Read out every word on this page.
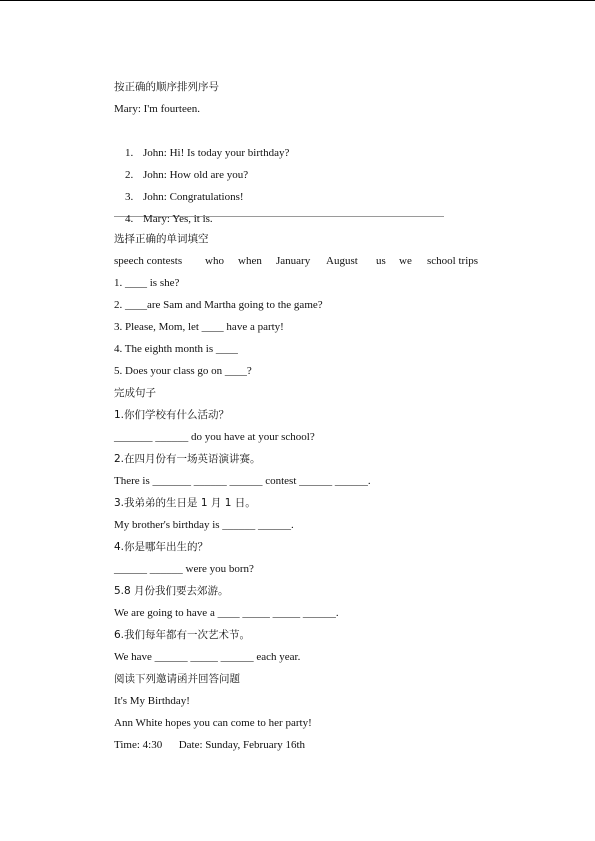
按正确的顺序排列序号
Mary: I'm fourteen.

1. John: Hi! Is today your birthday?

2. John: How old are you?

3. John: Congratulations!

4. Mary: Yes, it is.

选择正确的单词填空
speech contests	who	when	January	August	us	we	school trips
1. ____ is she?
2. ____are Sam and Martha going to the game?
3. Please, Mom, let ____ have a party!
4. The eighth month is ____
5. Does your class go on ____?
完成句子
1.你们学校有什么活动？
_______ ______ do you have at your school?
2.在四月份有一场英语演讲赛。
There is _______ ______ ______ contest ______ ______.
3.我弟弟的生日是 1 月 1 日。
My brother's birthday is ______ ______.
4.你是哪年出生的？
______ ______ were you born?
5.8 月份我们要去郊游。
We are going to have a ____ _____ _____ ______.
6.我们每年都有一次艺术节。
We have ______ _____ ______ each year.
阅读下列邀请函并回答问题
It's My Birthday!
Ann White hopes you can come to her party!
Time: 4:30      Date: Sunday, February 16th
